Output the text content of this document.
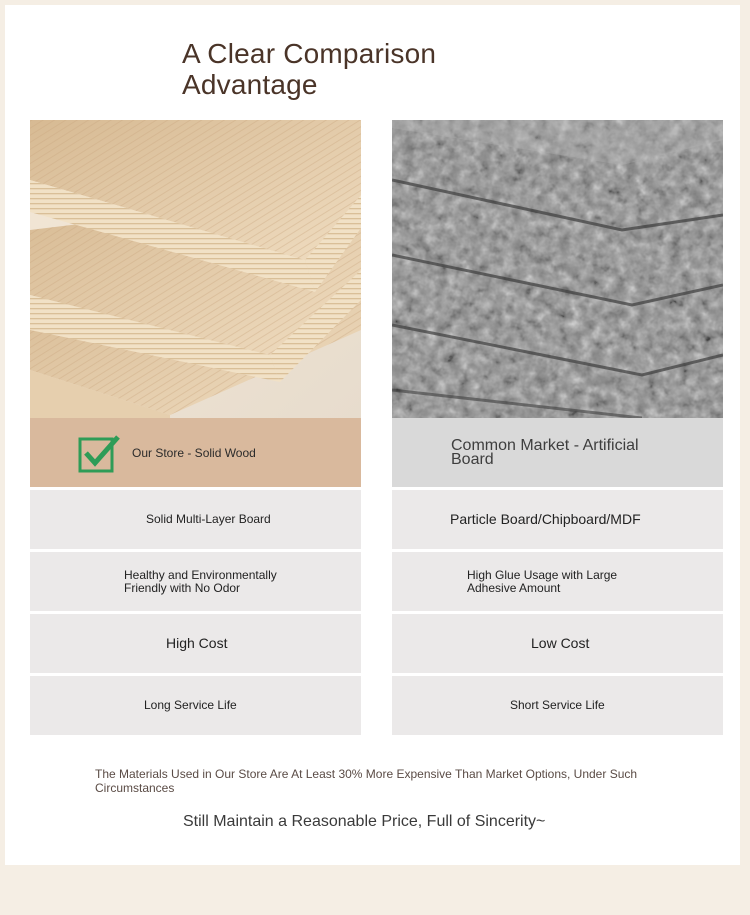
A Clear Comparison Advantage
Our Store - Solid Wood
Solid Multi-Layer Board
Healthy and Environmentally Friendly with No Odor
High Cost
Long Service Life
Common Market - Artificial Board
Particle Board/Chipboard/MDF
High Glue Usage with Large Adhesive Amount
Low Cost
Short Service Life

The Materials Used in Our Store Are At Least 30% More Expensive Than Market Options, Under Such Circumstances

Still Maintain a Reasonable Price, Full of Sincerity~
